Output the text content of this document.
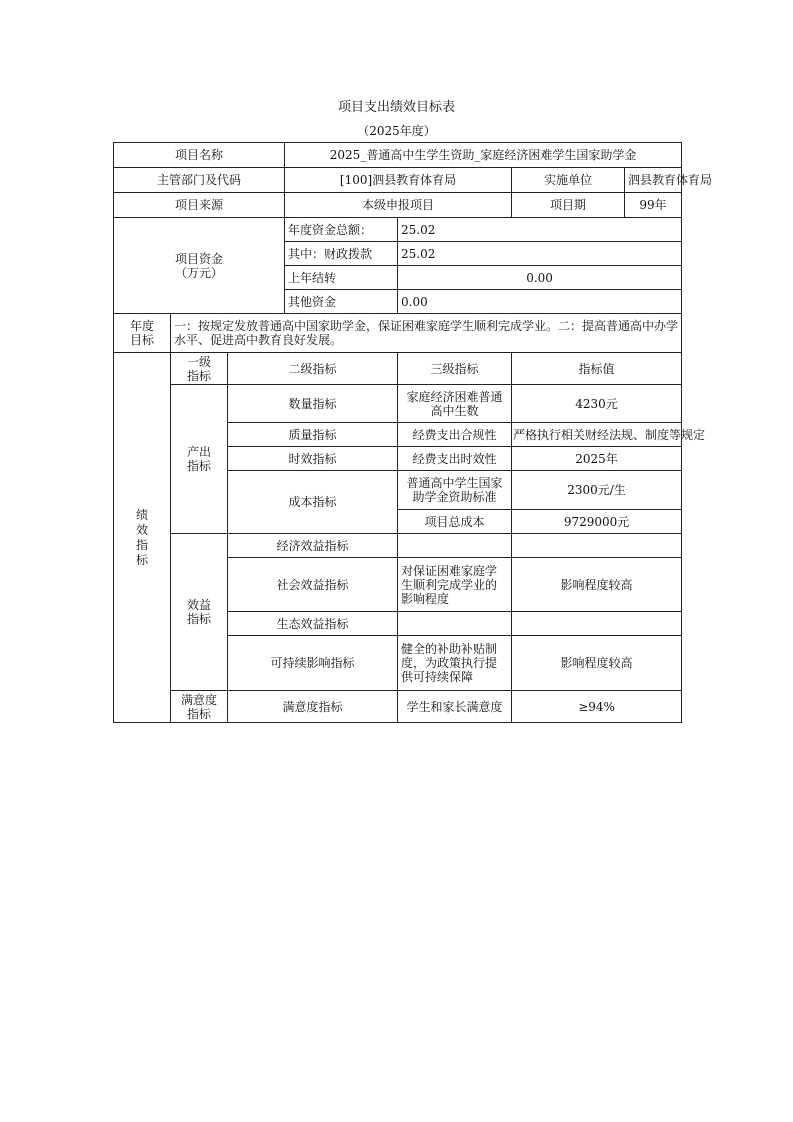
项目支出绩效目标表
（2025年度）
项目名称			2025_普通高中生学生资助_家庭经济困难学生国家助学金			
主管部门及代码			[100]泗县教育体育局		实施单位	泗县教育体育局
项目来源			本级申报项目		项目期	99年

项目资金
（万元）			年度资金总额：	25.02		
			其中：财政拨款	25.02		
			上年结转	0.00		
			其他资金	0.00		

年度
目标	一：按规定发放普通高中国家助学金，保证困难家庭学生顺利完成学业。二：提高普通高中办学水平、促进高中教育良好发展。					

绩效指标	一级指标	二级指标		三级指标	指标值	

	产出指标	数量指标		家庭经济困难普通高中生数	4230元	
		质量指标		经费支出合规性	严格执行相关财经法规、制度等规定	
		时效指标		经费支出时效性	2025年	
		成本指标		普通高中学生国家助学金资助标准	2300元/生	
				项目总成本	9729000元	

	效益指标	经济效益指标				
		社会效益指标		对保证困难家庭学生顺利完成学业的影响程度	影响程度较高	
		生态效益指标				
		可持续影响指标		健全的补助补贴制度，为政策执行提供可持续保障	影响程度较高	

	满意度指标	满意度指标		学生和家长满意度	≥94%	
